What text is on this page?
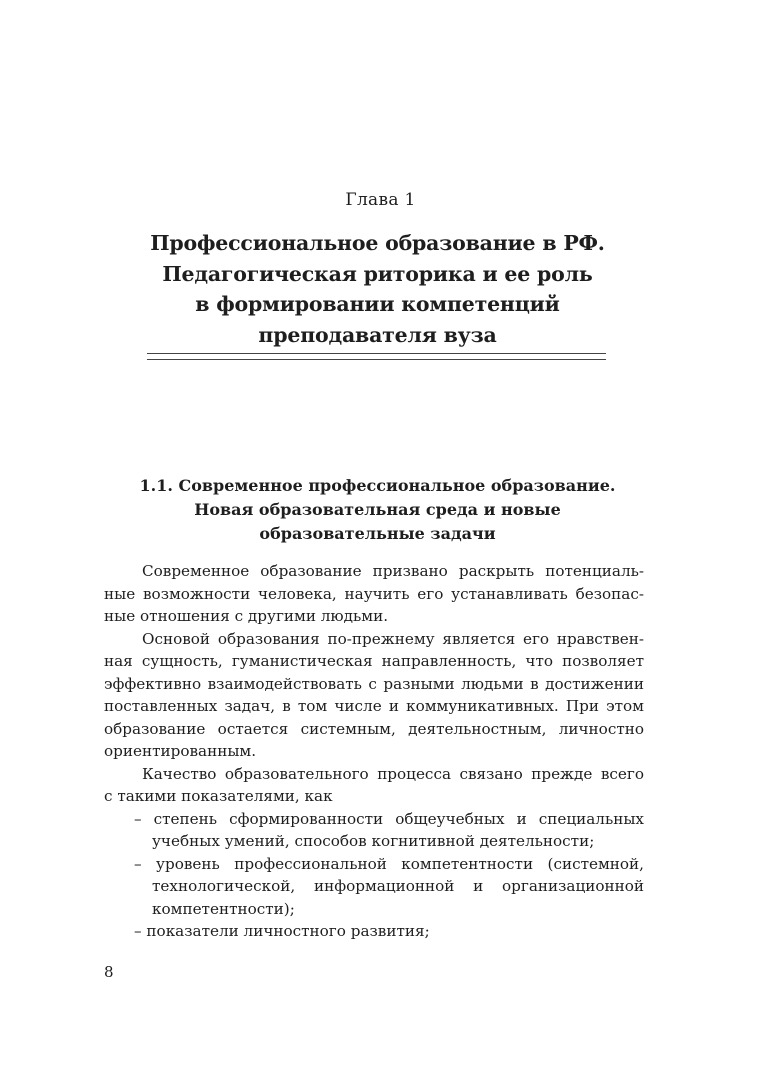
Глава 1
Профессиональное образование в РФ.
Педагогическая риторика и ее роль
в формировании компетенций
преподавателя вуза
1.1. Современное профессиональное образование.
Новая образовательная среда и новые
образовательные задачи
Современное образование призвано раскрыть потенциаль-
ные возможности человека, научить его устанавливать безопас-
ные отношения с другими людьми.
Основой образования по-прежнему является его нравствен-
ная сущность, гуманистическая направленность, что позволяет
эффективно взаимодействовать с разными людьми в достижении
поставленных задач, в том числе и коммуникативных. При этом
образование остается системным, деятельностным, личностно
ориентированным.
Качество образовательного процесса связано прежде всего
с такими показателями, как
– степень сформированности общеучебных и специальных
учебных умений, способов когнитивной деятельности;
– уровень профессиональной компетентности (системной,
технологической, информационной и организационной
компетентности);
– показатели личностного развития;
8
